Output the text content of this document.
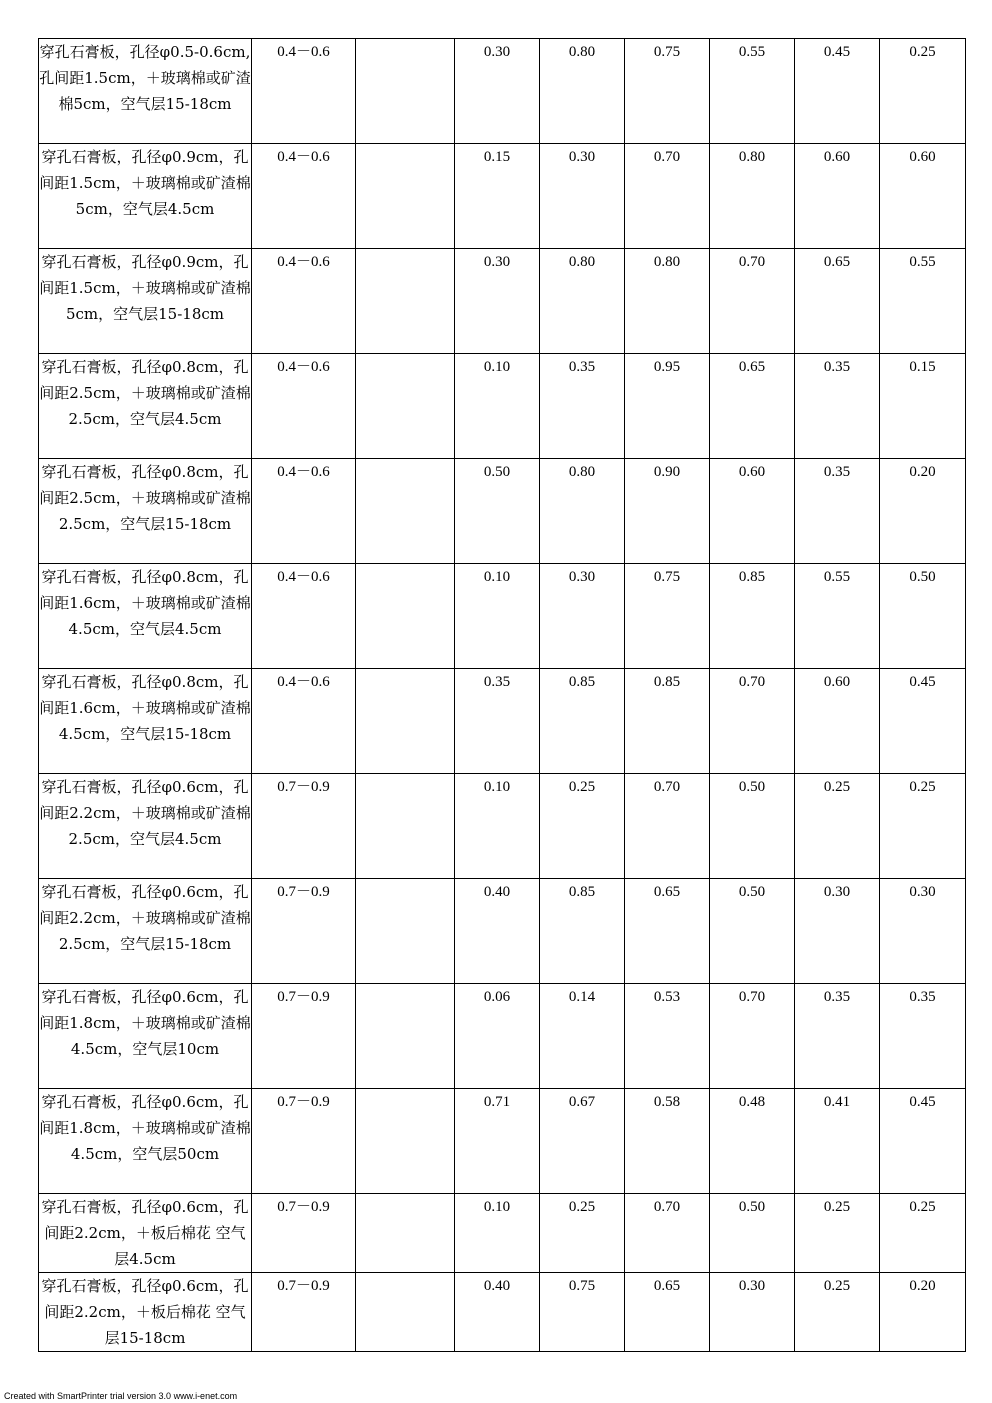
穿孔石膏板，孔径φ0.5-0.6cm,孔间距1.5cm，＋玻璃棉或矿渣棉5cm，空气层15-18cm	0.4－0.6		0.30	0.80	0.75	0.55	0.45	0.25
穿孔石膏板，孔径φ0.9cm，孔间距1.5cm，＋玻璃棉或矿渣棉5cm，空气层4.5cm	0.4－0.6		0.15	0.30	0.70	0.80	0.60	0.60
穿孔石膏板，孔径φ0.9cm，孔间距1.5cm，＋玻璃棉或矿渣棉5cm，空气层15-18cm	0.4－0.6		0.30	0.80	0.80	0.70	0.65	0.55
穿孔石膏板，孔径φ0.8cm，孔间距2.5cm，＋玻璃棉或矿渣棉2.5cm，空气层4.5cm	0.4－0.6		0.10	0.35	0.95	0.65	0.35	0.15
穿孔石膏板，孔径φ0.8cm，孔间距2.5cm，＋玻璃棉或矿渣棉2.5cm，空气层15-18cm	0.4－0.6		0.50	0.80	0.90	0.60	0.35	0.20
穿孔石膏板，孔径φ0.8cm，孔间距1.6cm，＋玻璃棉或矿渣棉4.5cm，空气层4.5cm	0.4－0.6		0.10	0.30	0.75	0.85	0.55	0.50
穿孔石膏板，孔径φ0.8cm，孔间距1.6cm，＋玻璃棉或矿渣棉4.5cm，空气层15-18cm	0.4－0.6		0.35	0.85	0.85	0.70	0.60	0.45
穿孔石膏板，孔径φ0.6cm，孔间距2.2cm，＋玻璃棉或矿渣棉2.5cm，空气层4.5cm	0.7－0.9		0.10	0.25	0.70	0.50	0.25	0.25
穿孔石膏板，孔径φ0.6cm，孔间距2.2cm，＋玻璃棉或矿渣棉2.5cm，空气层15-18cm	0.7－0.9		0.40	0.85	0.65	0.50	0.30	0.30
穿孔石膏板，孔径φ0.6cm，孔间距1.8cm，＋玻璃棉或矿渣棉4.5cm，空气层10cm	0.7－0.9		0.06	0.14	0.53	0.70	0.35	0.35
穿孔石膏板，孔径φ0.6cm，孔间距1.8cm，＋玻璃棉或矿渣棉4.5cm，空气层50cm	0.7－0.9		0.71	0.67	0.58	0.48	0.41	0.45
穿孔石膏板，孔径φ0.6cm，孔间距2.2cm，＋板后棉花 空气层4.5cm	0.7－0.9		0.10	0.25	0.70	0.50	0.25	0.25
穿孔石膏板，孔径φ0.6cm，孔间距2.2cm，＋板后棉花 空气层15-18cm	0.7－0.9		0.40	0.75	0.65	0.30	0.25	0.20
Created with SmartPrinter trial version 3.0 www.i-enet.com
